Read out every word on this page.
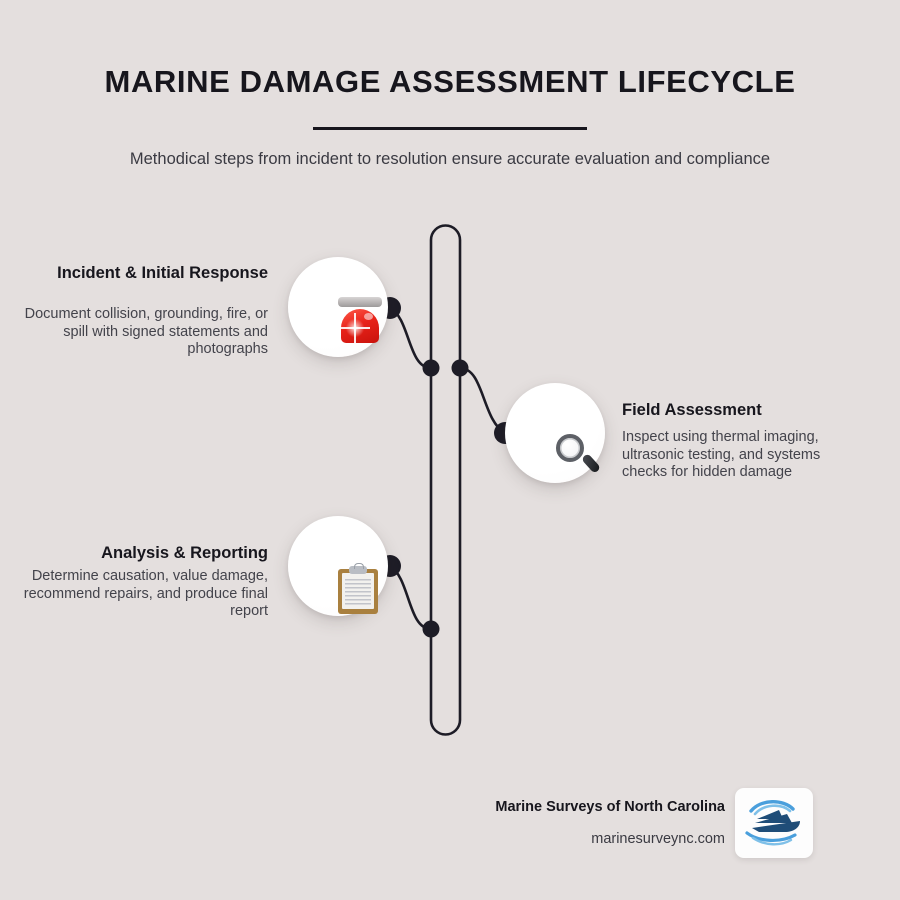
MARINE DAMAGE ASSESSMENT LIFECYCLE
Methodical steps from incident to resolution ensure accurate evaluation and compliance
Incident & Initial Response
Document collision, grounding, fire, or spill with signed statements and photographs
Field Assessment
Inspect using thermal imaging, ultrasonic testing, and systems checks for hidden damage
Analysis & Reporting
Determine causation, value damage, recommend repairs, and produce final report
Marine Surveys of North Carolina
marinesurveync.com
